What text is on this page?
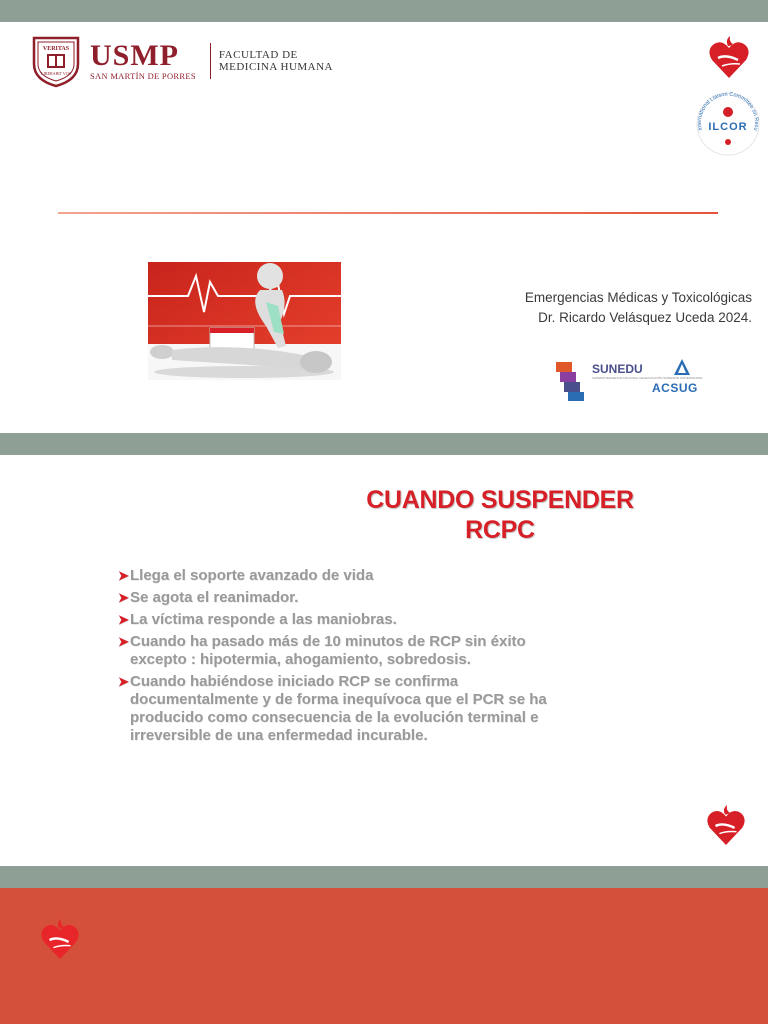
VERITAS
LIBERABIT VOS
USMP
SAN MARTÍN DE PORRES
FACULTAD DE
MEDICINA HUMANA
International Liaison Committee on Resu
ILCOR
Emergencias Médicas y Toxicológicas
Dr. Ricardo Velásquez Uceda 2024.
SUNEDU
SUPERINTENDENCIA NACIONAL DE EDUCACIÓN SUPERIOR UNIVERSITARIA
ACSUG
CUANDO SUSPENDER
RCPC
➤ Llega el soporte avanzado de vida
➤ Se agota el reanimador.
➤ La víctima responde a las maniobras.
➤ Cuando ha pasado más de 10 minutos de RCP sin éxito excepto : hipotermia, ahogamiento, sobredosis.
➤ Cuando habiéndose iniciado RCP se confirma documentalmente y de forma inequívoca que el PCR se ha producido como consecuencia de la evolución terminal e irreversible de una enfermedad incurable.
